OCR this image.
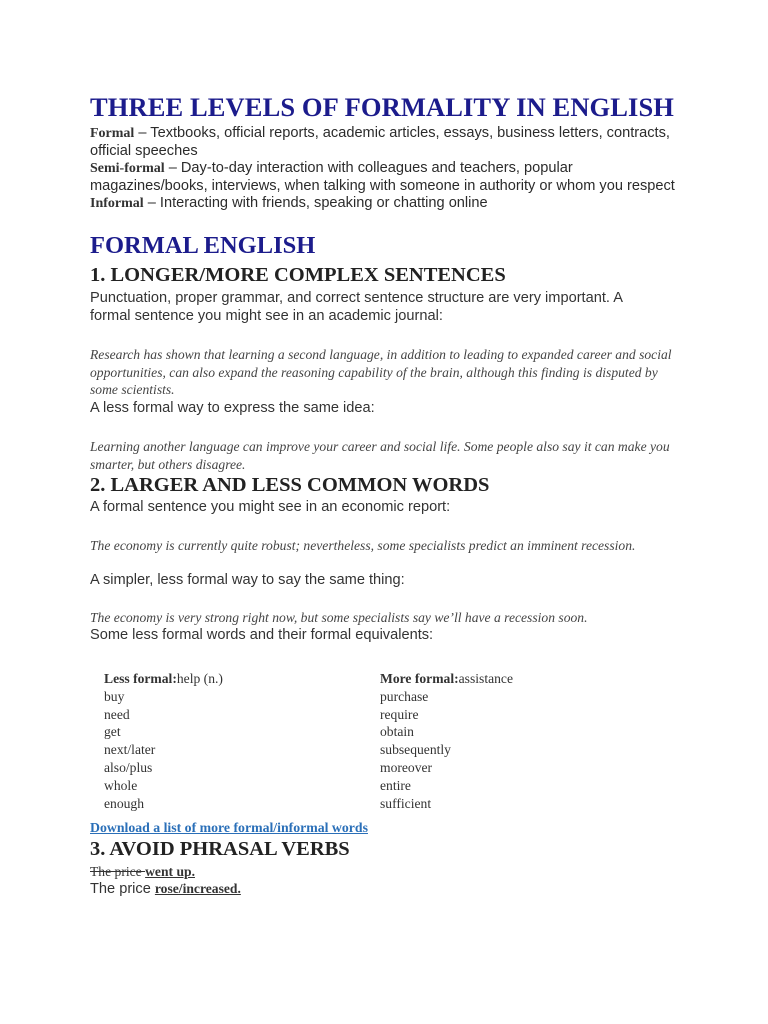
THREE LEVELS OF FORMALITY IN ENGLISH

Formal – Textbooks, official reports, academic articles, essays, business letters, contracts, official speeches

Semi-formal – Day-to-day interaction with colleagues and teachers, popular magazines/books, interviews, when talking with someone in authority or whom you respect

Informal – Interacting with friends, speaking or chatting online

FORMAL ENGLISH
1. LONGER/MORE COMPLEX SENTENCES

Punctuation, proper grammar, and correct sentence structure are very important. A formal sentence you might see in an academic journal:

Research has shown that learning a second language, in addition to leading to expanded career and social opportunities, can also expand the reasoning capability of the brain, although this finding is disputed by some scientists.

A less formal way to express the same idea:

Learning another language can improve your career and social life. Some people also say it can make you smarter, but others disagree.

2. LARGER AND LESS COMMON WORDS

A formal sentence you might see in an economic report:

The economy is currently quite robust; nevertheless, some specialists predict an imminent recession.

A simpler, less formal way to say the same thing:

The economy is very strong right now, but some specialists say we’ll have a recession soon.

Some less formal words and their formal equivalents:

Less formal:help (n.)
buy
need
get
next/later
also/plus
whole
enough
More formal:assistance
purchase
require
obtain
subsequently
moreover
entire
sufficient
Download a list of more formal/informal words
3. AVOID PHRASAL VERBS
The price went up.
The price rose/increased.
